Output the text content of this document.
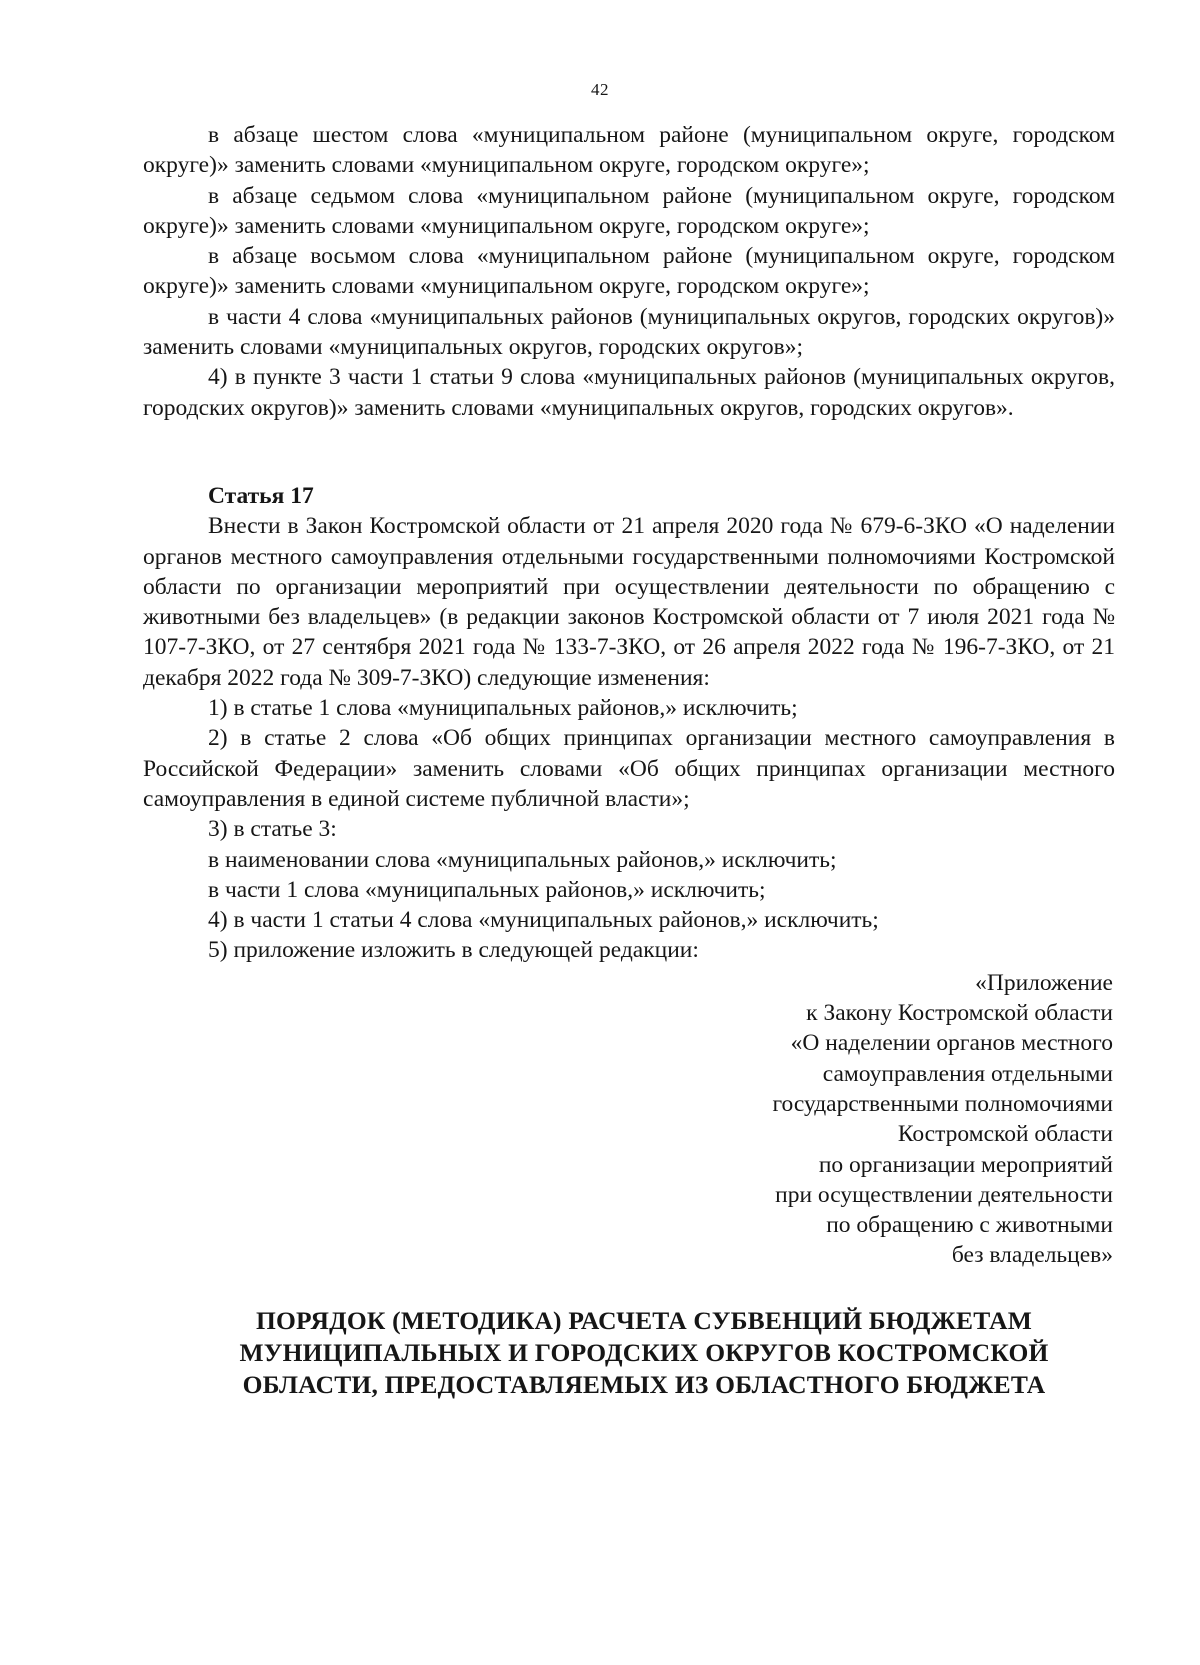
42

в абзаце шестом слова «муниципальном районе (муниципальном округе, городском округе)» заменить словами «муниципальном округе, городском округе»;

в абзаце седьмом слова «муниципальном районе (муниципальном округе, городском округе)» заменить словами «муниципальном округе, городском округе»;

в абзаце восьмом слова «муниципальном районе (муниципальном округе, городском округе)» заменить словами «муниципальном округе, городском округе»;

в части 4 слова «муниципальных районов (муниципальных округов, городских округов)» заменить словами «муниципальных округов, городских округов»;

4) в пункте 3 части 1 статьи 9 слова «муниципальных районов (муниципальных округов, городских округов)» заменить словами «муниципальных округов, городских округов».

Статья 17

Внести в Закон Костромской области от 21 апреля 2020 года № 679-6-ЗКО «О наделении органов местного самоуправления отдельными государственными полномочиями Костромской области по организации мероприятий при осуществлении деятельности по обращению с животными без владельцев» (в редакции законов Костромской области от 7 июля 2021 года № 107-7-ЗКО, от 27 сентября 2021 года № 133-7-ЗКО, от 26 апреля 2022 года № 196-7-ЗКО, от 21 декабря 2022 года № 309-7-ЗКО) следующие изменения:

1) в статье 1 слова «муниципальных районов,» исключить;

2) в статье 2 слова «Об общих принципах организации местного самоуправления в Российской Федерации» заменить словами «Об общих принципах организации местного самоуправления в единой системе публичной власти»;

3) в статье 3:

в наименовании слова «муниципальных районов,» исключить;

в части 1 слова «муниципальных районов,» исключить;

4) в части 1 статьи 4 слова «муниципальных районов,» исключить;

5) приложение изложить в следующей редакции:

«Приложение
к Закону Костромской области
«О наделении органов местного
самоуправления отдельными
государственными полномочиями
Костромской области
по организации мероприятий
при осуществлении деятельности
по обращению с животными
без владельцев»
ПОРЯДОК (МЕТОДИКА) РАСЧЕТА СУБВЕНЦИЙ БЮДЖЕТАМ
МУНИЦИПАЛЬНЫХ И ГОРОДСКИХ ОКРУГОВ КОСТРОМСКОЙ
ОБЛАСТИ, ПРЕДОСТАВЛЯЕМЫХ ИЗ ОБЛАСТНОГО БЮДЖЕТА
